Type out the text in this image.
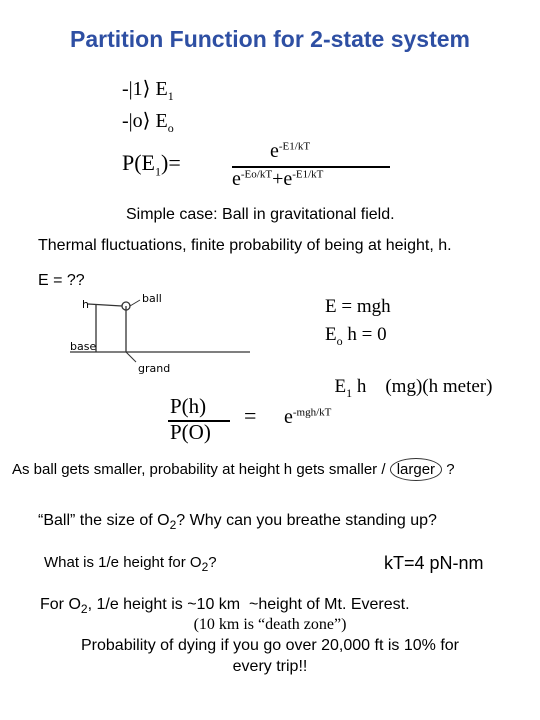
Partition Function for 2-state system
-|1⟩ $E_1$
-|o⟩ $E_o$
$P(E_1)=$	$e^{-E1/kT}$
$e^{-Eo/kT}+e^{-E1/kT}$
Simple case: Ball in gravitational field.
Thermal fluctuations, finite probability of being at height, h.
E = ??
h	ball
base
grand
E = mgh
$E_o$ h = 0

$E_1$ h    (mg)(h meter)

P(h)
P(O)
= $e^{-mgh/kT}$
As ball gets smaller, probability at height h gets smaller / larger ?
“Ball” the size of $O_2$? Why can you breathe standing up?
What is 1/e height for $O_2$?	kT=4 pN-nm
For $O_2$, 1/e height is ~10 km  ~height of Mt. Everest.
(10 km is “death zone”)
Probability of dying if you go over 20,000 ft is 10% for
every trip!!
